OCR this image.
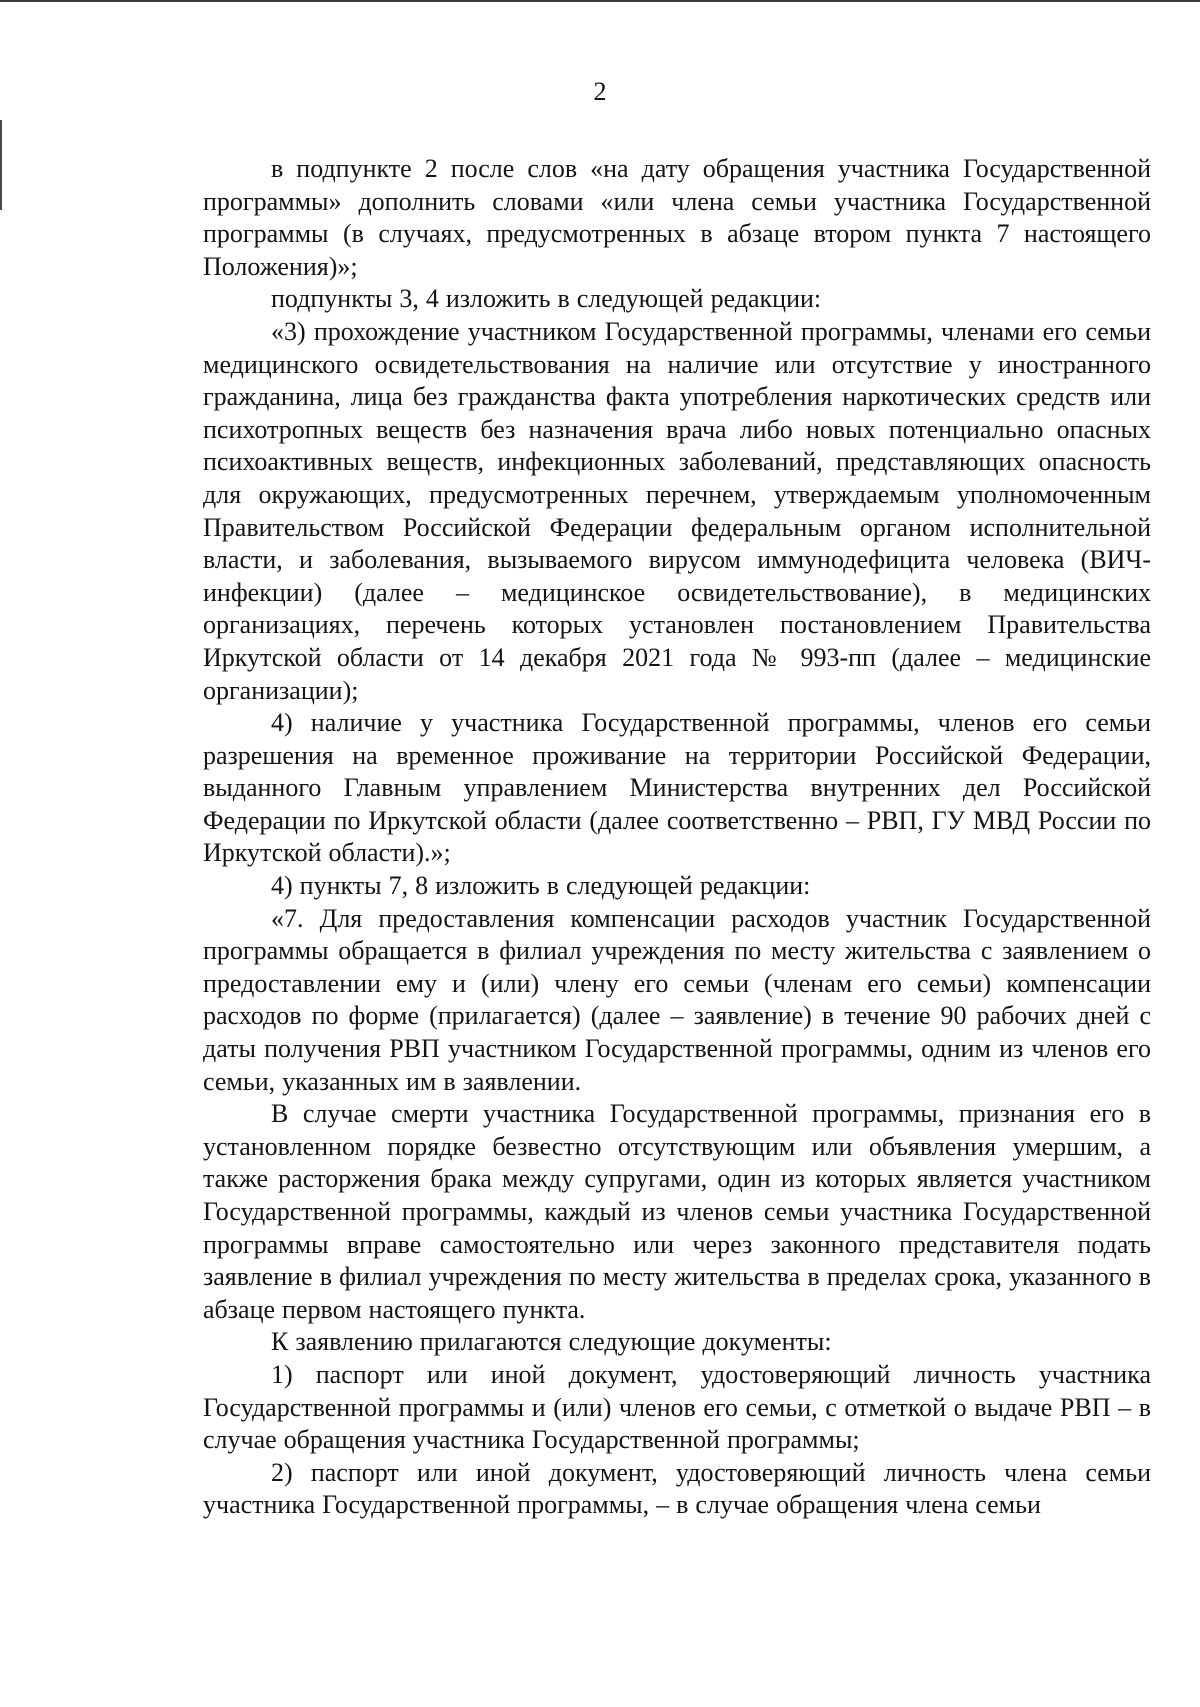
2

в подпункте 2 после слов «на дату обращения участника Государственной программы» дополнить словами «или члена семьи участника Государственной программы (в случаях, предусмотренных в абзаце втором пункта 7 настоящего Положения)»;

подпункты 3, 4 изложить в следующей редакции:

«3) прохождение участником Государственной программы, членами его семьи медицинского освидетельствования на наличие или отсутствие у иностранного гражданина, лица без гражданства факта употребления наркотических средств или психотропных веществ без назначения врача либо новых потенциально опасных психоактивных веществ, инфекционных заболеваний, представляющих опасность для окружающих, предусмотренных перечнем, утверждаемым уполномоченным Правительством Российской Федерации федеральным органом исполнительной власти, и заболевания, вызываемого вирусом иммунодефицита человека (ВИЧ-инфекции) (далее – медицинское освидетельствование), в медицинских организациях, перечень которых установлен постановлением Правительства Иркутской области от 14 декабря 2021 года № 993-пп (далее – медицинские организации);

4) наличие у участника Государственной программы, членов его семьи разрешения на временное проживание на территории Российской Федерации, выданного Главным управлением Министерства внутренних дел Российской Федерации по Иркутской области (далее соответственно – РВП, ГУ МВД России по Иркутской области).»;

4) пункты 7, 8 изложить в следующей редакции:

«7. Для предоставления компенсации расходов участник Государственной программы обращается в филиал учреждения по месту жительства с заявлением о предоставлении ему и (или) члену его семьи (членам его семьи) компенсации расходов по форме (прилагается) (далее – заявление) в течение 90 рабочих дней с даты получения РВП участником Государственной программы, одним из членов его семьи, указанных им в заявлении.

В случае смерти участника Государственной программы, признания его в установленном порядке безвестно отсутствующим или объявления умершим, а также расторжения брака между супругами, один из которых является участником Государственной программы, каждый из членов семьи участника Государственной программы вправе самостоятельно или через законного представителя подать заявление в филиал учреждения по месту жительства в пределах срока, указанного в абзаце первом настоящего пункта.

К заявлению прилагаются следующие документы:

1) паспорт или иной документ, удостоверяющий личность участника Государственной программы и (или) членов его семьи, с отметкой о выдаче РВП – в случае обращения участника Государственной программы;

2) паспорт или иной документ, удостоверяющий личность члена семьи участника Государственной программы, – в случае обращения члена семьи
